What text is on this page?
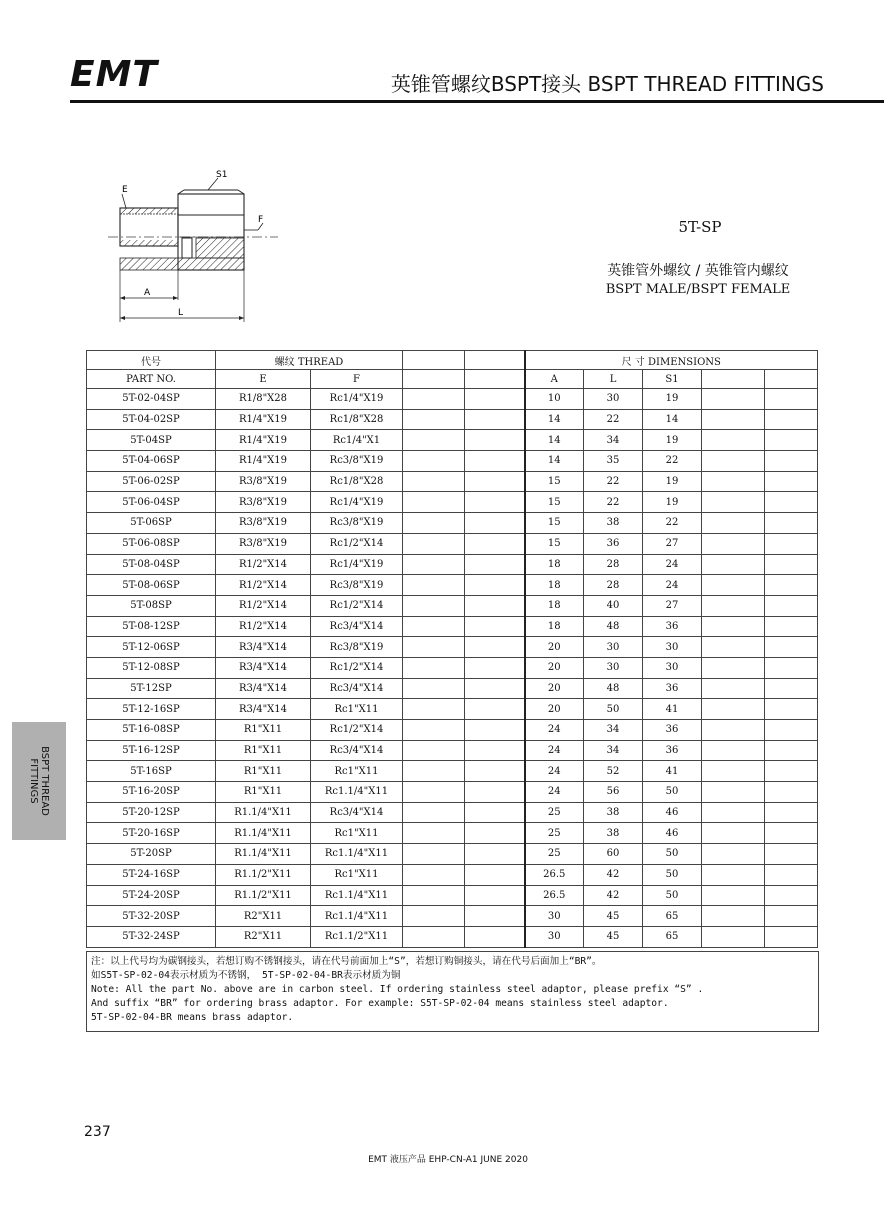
EMT	英锥管螺纹BSPT接头 BSPT THREAD FITTINGS
E
S1
F
A
L
5T-SP
英锥管外螺纹 / 英锥管内螺纹
BSPT MALE/BSPT FEMALE
代号	螺纹 THREAD				尺 寸 DIMENSIONS				
PART NO.	E	F			A	L	S1		
5T-02-04SP	R1/8"X28	Rc1/4"X19			10	30	19		
5T-04-02SP	R1/4"X19	Rc1/8"X28			14	22	14		
5T-04SP	R1/4"X19	Rc1/4"X1			14	34	19		
5T-04-06SP	R1/4"X19	Rc3/8"X19			14	35	22		
5T-06-02SP	R3/8"X19	Rc1/8"X28			15	22	19		
5T-06-04SP	R3/8"X19	Rc1/4"X19			15	22	19		
5T-06SP	R3/8"X19	Rc3/8"X19			15	38	22		
5T-06-08SP	R3/8"X19	Rc1/2"X14			15	36	27		
5T-08-04SP	R1/2"X14	Rc1/4"X19			18	28	24		
5T-08-06SP	R1/2"X14	Rc3/8"X19			18	28	24		
5T-08SP	R1/2"X14	Rc1/2"X14			18	40	27		
5T-08-12SP	R1/2"X14	Rc3/4"X14			18	48	36		
5T-12-06SP	R3/4"X14	Rc3/8"X19			20	30	30		
5T-12-08SP	R3/4"X14	Rc1/2"X14			20	30	30		
5T-12SP	R3/4"X14	Rc3/4"X14			20	48	36		
5T-12-16SP	R3/4"X14	Rc1"X11			20	50	41		
5T-16-08SP	R1"X11	Rc1/2"X14			24	34	36		
5T-16-12SP	R1"X11	Rc3/4"X14			24	34	36		
5T-16SP	R1"X11	Rc1"X11			24	52	41		
5T-16-20SP	R1"X11	Rc1.1/4"X11			24	56	50		
5T-20-12SP	R1.1/4"X11	Rc3/4"X14			25	38	46		
5T-20-16SP	R1.1/4"X11	Rc1"X11			25	38	46		
5T-20SP	R1.1/4"X11	Rc1.1/4"X11			25	60	50		
5T-24-16SP	R1.1/2"X11	Rc1"X11			26.5	42	50		
5T-24-20SP	R1.1/2"X11	Rc1.1/4"X11			26.5	42	50		
5T-32-20SP	R2"X11	Rc1.1/4"X11			30	45	65		
5T-32-24SP	R2"X11	Rc1.1/2"X11			30	45	65		
注：以上代号均为碳钢接头，若想订购不锈钢接头，请在代号前面加上“S”，若想订购铜接头，请在代号后面加上“BR”。
如S5T-SP-02-04表示材质为不锈钢， 5T-SP-02-04-BR表示材质为铜
Note: All the part No. above are in carbon steel. If ordering stainless steel adaptor, please prefix “S” .
And suffix “BR” for ordering brass adaptor. For example: S5T-SP-02-04 means stainless steel adaptor.
5T-SP-02-04-BR means brass adaptor.
BSPT THREAD
FITTINGS
237
EMT 液压产品 EHP-CN-A1 JUNE 2020
